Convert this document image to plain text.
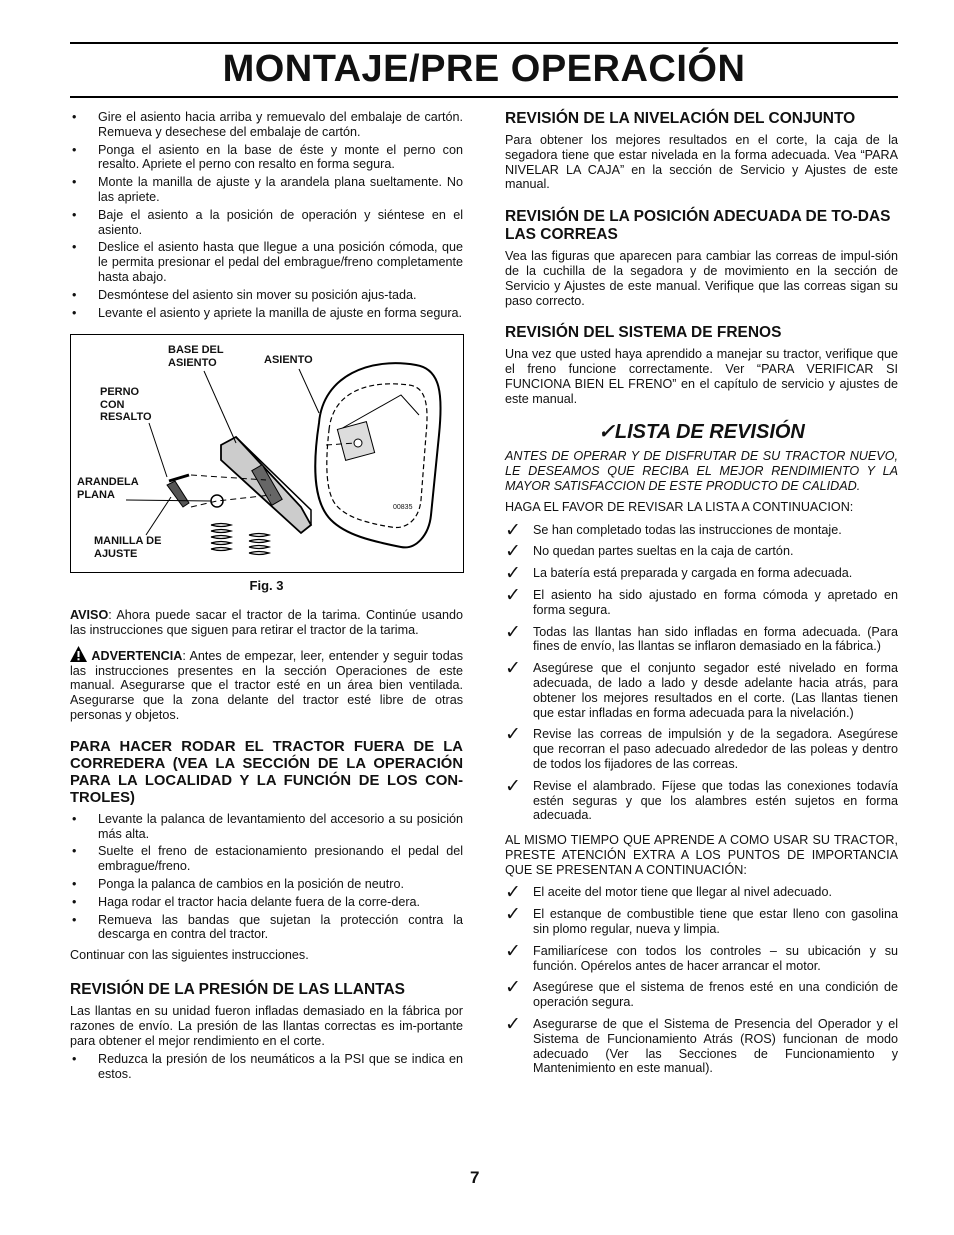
MONTAJE/PRE OPERACIÓN
• Gire el asiento hacia arriba y remuevalo del embalaje de cartón. Remueva y desechese del embalaje de cartón.
• Ponga el asiento en la base de éste y monte el perno con resalto. Apriete el perno con resalto en forma segura.
• Monte la manilla de ajuste y la arandela plana sueltamente. No las apriete.
• Baje el asiento a la posición de operación y siéntese en el asiento.
• Deslice el asiento hasta que llegue a una posición cómoda, que le permita presionar el pedal del embrague/freno completamente hasta abajo.
• Desmóntese del asiento sin mover su posición ajus-tada.
• Levante el asiento y apriete la manilla de ajuste en forma segura.
BASE DEL ASIENTO	ASIENTO
PERNO CON RESALTO
ARANDELA PLANA
MANILLA DE AJUSTE
00835
Fig. 3

AVISO: Ahora puede sacar el tractor de la tarima. Continúe usando las instrucciones que siguen para retirar el tractor de la tarima.

ADVERTENCIA: Antes de empezar, leer, entender y seguir todas las instrucciones presentes en la sección Operaciones de este manual. Asegurarse que el tractor esté en un área bien ventilada. Asegurarse que la zona delante del tractor esté libre de otras personas y objetos.

PARA HACER RODAR EL TRACTOR FUERA DE LA CORREDERA (VEA LA SECCIÓN DE LA OPERACIÓN PARA LA LOCALIDAD Y LA FUNCIÓN DE LOS CON-TROLES)
• Levante la palanca de levantamiento del accesorio a su posición más alta.
• Suelte el freno de estacionamiento presionando el pedal del embrague/freno.
• Ponga la palanca de cambios en la posición de neutro.
• Haga rodar el tractor hacia delante fuera de la corre-dera.
• Remueva las bandas que sujetan la protección contra la descarga en contra del tractor.

Continuar con las siguientes instrucciones.

REVISIÓN DE LA PRESIÓN DE LAS LLANTAS

Las llantas en su unidad fueron infladas demasiado en la fábrica por razones de envío. La presión de las llantas correctas es im-portante para obtener el mejor rendimiento en el corte.

• Reduzca la presión de los neumáticos a la PSI que se indica en estos.
REVISIÓN DE LA NIVELACIÓN DEL CONJUNTO

Para obtener los mejores resultados en el corte, la caja de la segadora tiene que estar nivelada en la forma adecuada. Vea “PARA NIVELAR LA CAJA” en la sección de Servicio y Ajustes de este manual.

REVISIÓN DE LA POSICIÓN ADECUADA DE TO-DAS LAS CORREAS

Vea las figuras que aparecen para cambiar las correas de impul-sión de la cuchilla de la segadora y de movimiento en la sección de Servicio y Ajustes de este manual. Verifique que las correas sigan su paso correcto.

REVISIÓN DEL SISTEMA DE FRENOS

Una vez que usted haya aprendido a manejar su tractor, verifique que el freno funcione correctamente. Ver “PARA VERIFICAR SI FUNCIONA BIEN EL FRENO” en el capítulo de servicio y ajustes de este manual.

✓LISTA DE REVISIÓN

ANTES DE OPERAR Y DE DISFRUTAR DE SU TRACTOR NUEVO, LE DESEAMOS QUE RECIBA EL MEJOR RENDIMIENTO Y LA MAYOR SATISFACCION DE ESTE PRODUCTO DE CALIDAD.

HAGA EL FAVOR DE REVISAR LA LISTA A CONTINUACION:

✓ Se han completado todas las instrucciones de montaje.
✓ No quedan partes sueltas en la caja de cartón.
✓ La batería está preparada y cargada en forma adecuada.
✓ El asiento ha sido ajustado en forma cómoda y apretado en forma segura.
✓ Todas las llantas han sido infladas en forma adecuada. (Para fines de envío, las llantas se inflaron demasiado en la fábrica.)
✓ Asegúrese que el conjunto segador esté nivelado en forma adecuada, de lado a lado y desde adelante hacia atrás, para obtener los mejores resultados en el corte. (Las llantas tienen que estar infladas en forma adecuada para la nivelación.)
✓ Revise las correas de impulsión y de la segadora. Asegúrese que recorran el paso adecuado alrededor de las poleas y dentro de todos los fijadores de las correas.
✓ Revise el alambrado. Fíjese que todas las conexiones todavía estén seguras y que los alambres estén sujetos en forma adecuada.

AL MISMO TIEMPO QUE APRENDE A COMO USAR SU TRACTOR, PRESTE ATENCIÓN EXTRA A LOS PUNTOS DE IMPORTANCIA QUE SE PRESENTAN A CONTINUACIÓN:

✓ El aceite del motor tiene que llegar al nivel adecuado.
✓ El estanque de combustible tiene que estar lleno con gasolina sin plomo regular, nueva y limpia.
✓ Familiarícese con todos los controles – su ubicación y su función. Opérelos antes de hacer arrancar el motor.
✓ Asegúrese que el sistema de frenos esté en una condición de operación segura.
✓ Asegurarse de que el Sistema de Presencia del Operador y el Sistema de Funcionamiento Atrás (ROS) funcionan de modo adecuado (Ver las Secciones de Funcionamiento y Mantenimiento en este manual).
7
